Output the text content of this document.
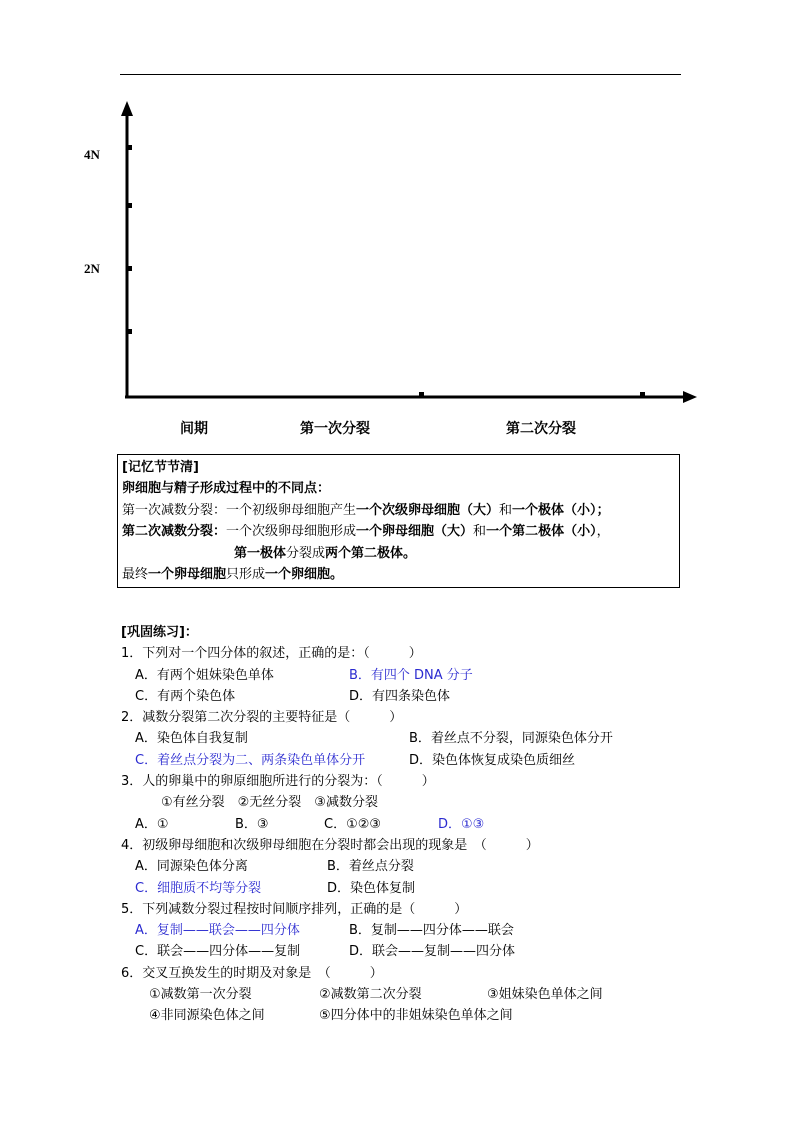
4N
2N
间期	第一次分裂	第二次分裂
[记忆节节清]
卵细胞与精子形成过程中的不同点：
第一次减数分裂：一个初级卵母细胞产生一个次级卵母细胞（大）和一个极体（小）；
第二次减数分裂：一个次级卵母细胞形成一个卵母细胞（大）和一个第二极体（小），
第一极体分裂成两个第二极体。
最终一个卵母细胞只形成一个卵细胞。
[巩固练习]：
1．下列对一个四分体的叙述，正确的是：（　　　）
A．有两个姐妹染色单体	B．有四个 DNA 分子
C．有两个染色体	D．有四条染色体
2．减数分裂第二次分裂的主要特征是（　　　）
A．染色体自我复制	B．着丝点不分裂，同源染色体分开
C．着丝点分裂为二、两条染色单体分开	D．染色体恢复成染色质细丝
3．人的卵巢中的卵原细胞所进行的分裂为：（　　　）
①有丝分裂　②无丝分裂　③减数分裂
A．①	B．③	C．①②③	D．①③
4．初级卵母细胞和次级卵母细胞在分裂时都会出现的现象是　（　　　）
A．同源染色体分离	B．着丝点分裂
C．细胞质不均等分裂	D．染色体复制
5．下列减数分裂过程按时间顺序排列，正确的是（　　　）
A．复制——联会——四分体	B．复制——四分体——联会
C．联会——四分体——复制	D．联会——复制——四分体
6．交叉互换发生的时期及对象是　（　　　）
①减数第一次分裂	②减数第二次分裂	③姐妹染色单体之间
④非同源染色体之间	⑤四分体中的非姐妹染色单体之间
